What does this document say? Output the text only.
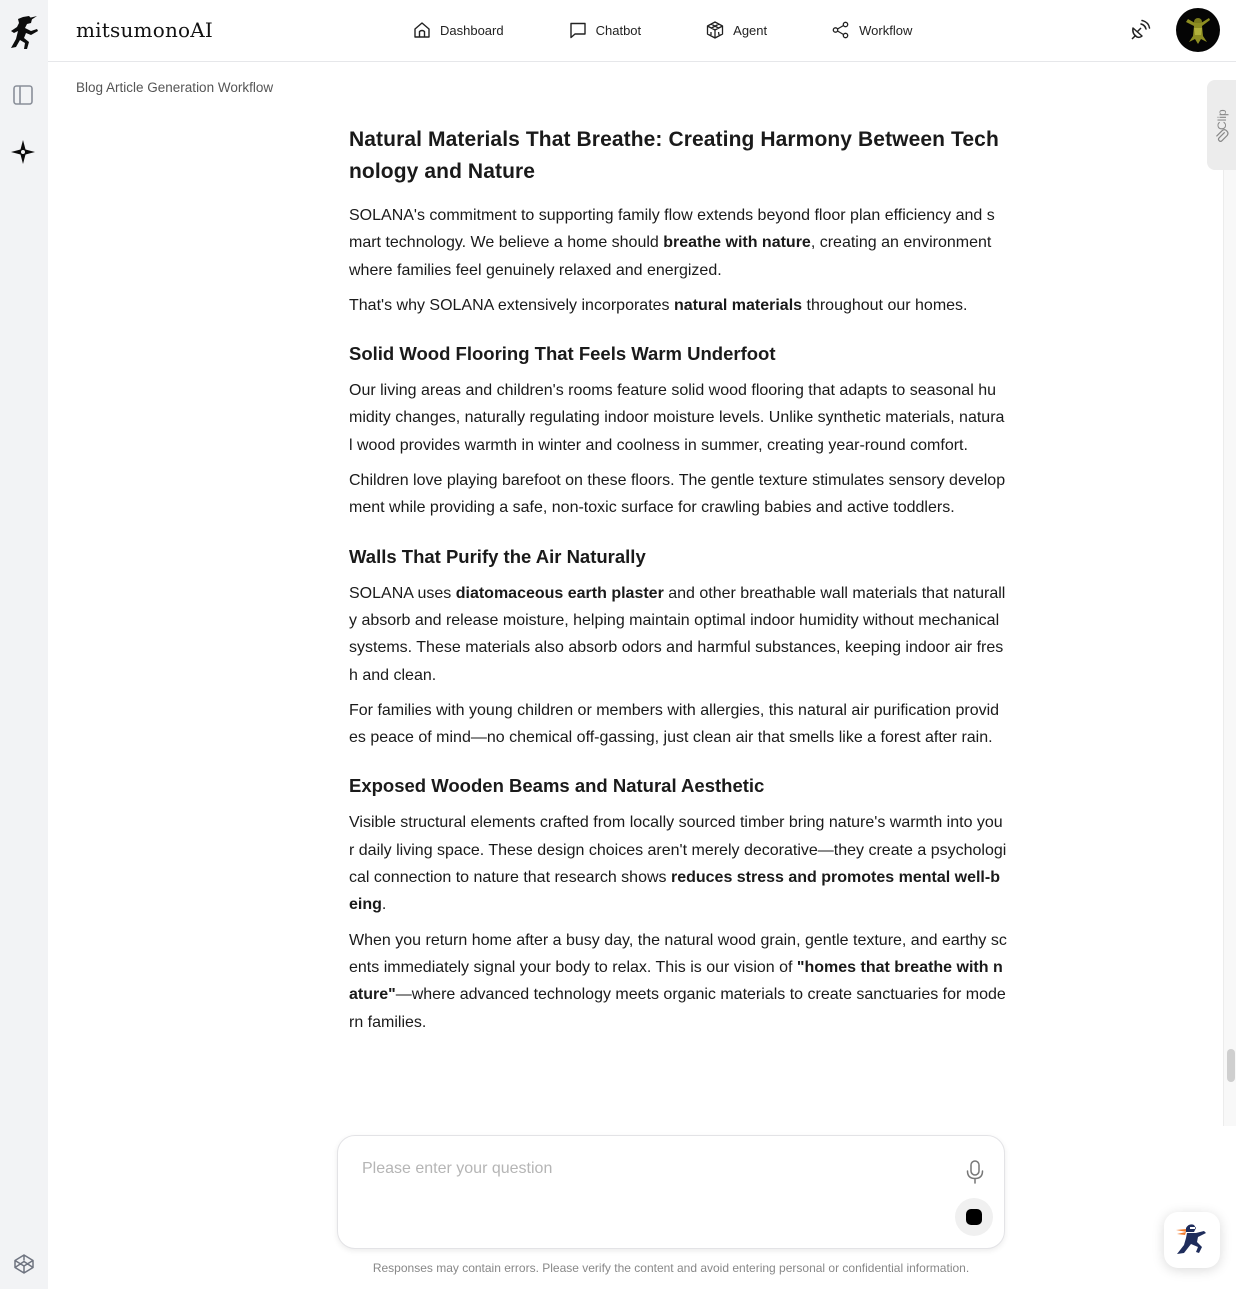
mitsumonoAI	Dashboard	Chatbot	Agent	Workflow
Blog Article Generation Workflow
Natural Materials That Breathe: Creating Harmony Between Technology and Nature

SOLANA's commitment to supporting family flow extends beyond floor plan efficiency and smart technology. We believe a home should breathe with nature, creating an environment where families feel genuinely relaxed and energized.

That's why SOLANA extensively incorporates natural materials throughout our homes.

Solid Wood Flooring That Feels Warm Underfoot

Our living areas and children's rooms feature solid wood flooring that adapts to seasonal humidity changes, naturally regulating indoor moisture levels. Unlike synthetic materials, natural wood provides warmth in winter and coolness in summer, creating year-round comfort.

Children love playing barefoot on these floors. The gentle texture stimulates sensory development while providing a safe, non-toxic surface for crawling babies and active toddlers.

Walls That Purify the Air Naturally

SOLANA uses diatomaceous earth plaster and other breathable wall materials that naturally absorb and release moisture, helping maintain optimal indoor humidity without mechanical systems. These materials also absorb odors and harmful substances, keeping indoor air fresh and clean.

For families with young children or members with allergies, this natural air purification provides peace of mind—no chemical off-gassing, just clean air that smells like a forest after rain.

Exposed Wooden Beams and Natural Aesthetic

Visible structural elements crafted from locally sourced timber bring nature's warmth into your daily living space. These design choices aren't merely decorative—they create a psychological connection to nature that research shows reduces stress and promotes mental well-being.

When you return home after a busy day, the natural wood grain, gentle texture, and earthy scents immediately signal your body to relax. This is our vision of "homes that breathe with nature"—where advanced technology meets organic materials to create sanctuaries for modern families.

Clip
Please enter your question
Responses may contain errors. Please verify the content and avoid entering personal or confidential information.
